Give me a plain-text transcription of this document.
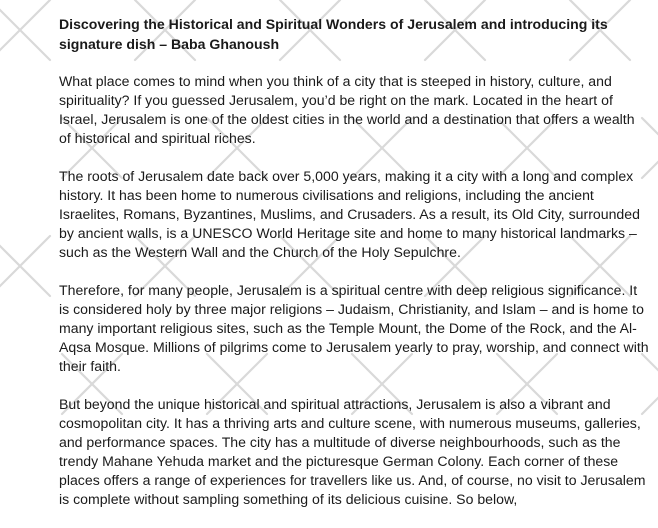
Discovering the Historical and Spiritual Wonders of Jerusalem and introducing its signature dish – Baba Ghanoush

What place comes to mind when you think of a city that is steeped in history, culture, and spirituality? If you guessed Jerusalem, you’d be right on the mark. Located in the heart of Israel, Jerusalem is one of the oldest cities in the world and a destination that offers a wealth of historical and spiritual riches.

The roots of Jerusalem date back over 5,000 years, making it a city with a long and complex history. It has been home to numerous civilisations and religions, including the ancient Israelites, Romans, Byzantines, Muslims, and Crusaders. As a result, its Old City, surrounded by ancient walls, is a UNESCO World Heritage site and home to many historical landmarks – such as the Western Wall and the Church of the Holy Sepulchre.

Therefore, for many people, Jerusalem is a spiritual centre with deep religious significance. It is considered holy by three major religions – Judaism, Christianity, and Islam – and is home to many important religious sites, such as the Temple Mount, the Dome of the Rock, and the Al-Aqsa Mosque. Millions of pilgrims come to Jerusalem yearly to pray, worship, and connect with their faith.

But beyond the unique historical and spiritual attractions, Jerusalem is also a vibrant and cosmopolitan city. It has a thriving arts and culture scene, with numerous museums, galleries, and performance spaces. The city has a multitude of diverse neighbourhoods, such as the trendy Mahane Yehuda market and the picturesque German Colony. Each corner of these places offers a range of experiences for travellers like us. And, of course, no visit to Jerusalem is complete without sampling something of its delicious cuisine. So below,
